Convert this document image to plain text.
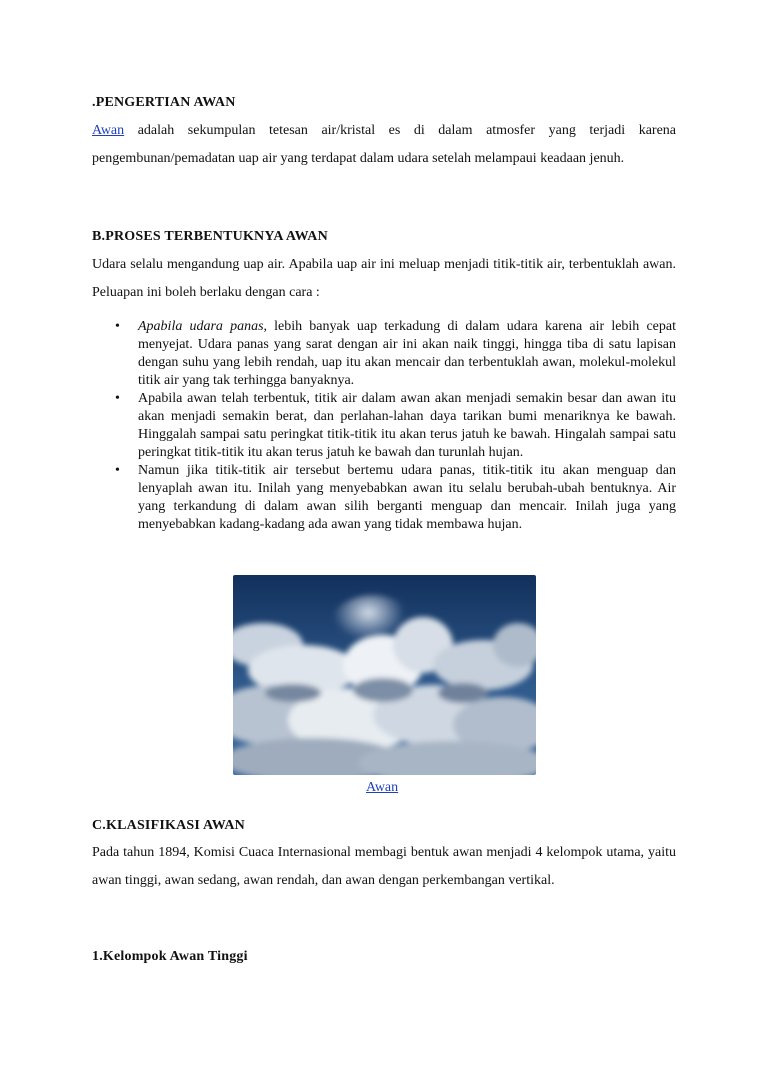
.PENGERTIAN AWAN

Awan adalah sekumpulan tetesan air/kristal es di dalam atmosfer yang terjadi karena pengembunan/pemadatan uap air yang terdapat dalam udara setelah melampaui keadaan jenuh.

B.PROSES TERBENTUKNYA AWAN

Udara selalu mengandung uap air. Apabila uap air ini meluap menjadi titik-titik air, terbentuklah awan. Peluapan ini boleh berlaku dengan cara :

• Apabila udara panas, lebih banyak uap terkadung di dalam udara karena air lebih cepat menyejat. Udara panas yang sarat dengan air ini akan naik tinggi, hingga tiba di satu lapisan dengan suhu yang lebih rendah, uap itu akan mencair dan terbentuklah awan, molekul-molekul titik air yang tak terhingga banyaknya.
• Apabila awan telah terbentuk, titik air dalam awan akan menjadi semakin besar dan awan itu akan menjadi semakin berat, dan perlahan-lahan daya tarikan bumi menariknya ke bawah. Hinggalah sampai satu peringkat titik-titik itu akan terus jatuh ke bawah. Hingalah sampai satu peringkat titik-titik itu akan terus jatuh ke bawah dan turunlah hujan.
• Namun jika titik-titik air tersebut bertemu udara panas, titik-titik itu akan menguap dan lenyaplah awan itu. Inilah yang menyebabkan awan itu selalu berubah-ubah bentuknya. Air yang terkandung di dalam awan silih berganti menguap dan mencair. Inilah juga yang menyebabkan kadang-kadang ada awan yang tidak membawa hujan.
Awan
C.KLASIFIKASI AWAN

Pada tahun 1894, Komisi Cuaca Internasional membagi bentuk awan menjadi 4 kelompok utama, yaitu awan tinggi, awan sedang, awan rendah, dan awan dengan perkembangan vertikal.

1.Kelompok Awan Tinggi
